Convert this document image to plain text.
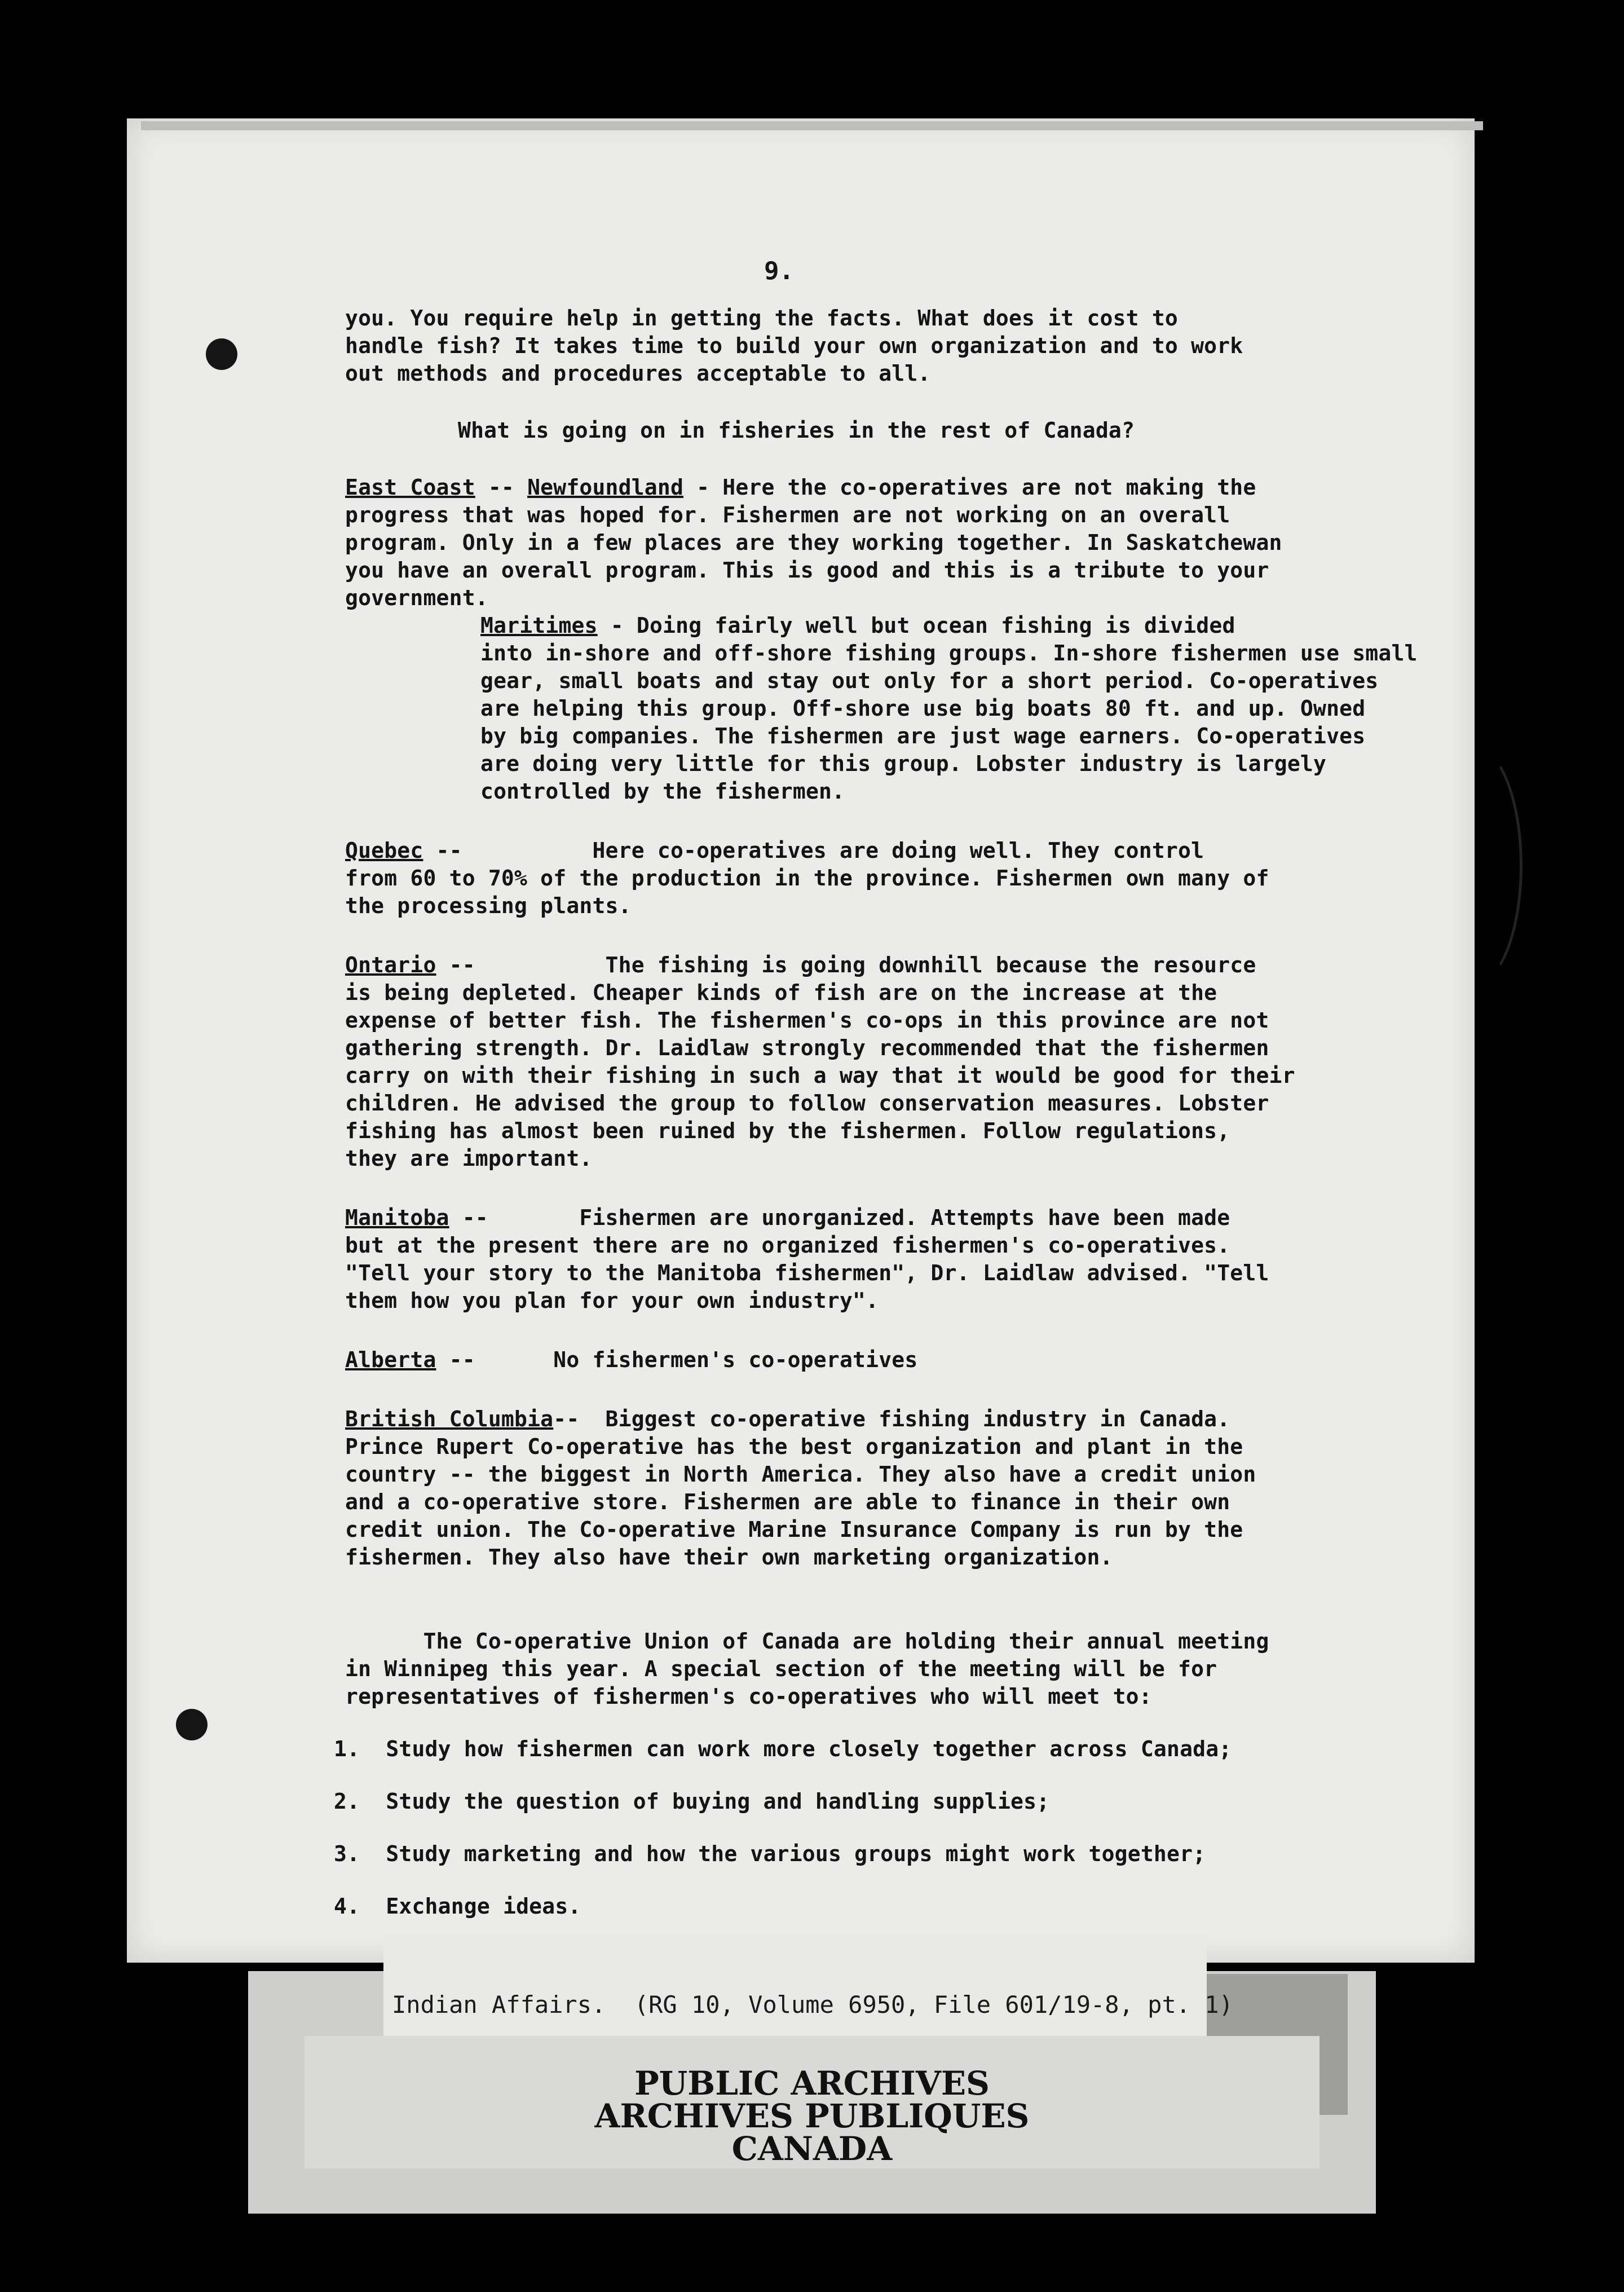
9.
you. You require help in getting the facts. What does it cost to
handle fish? It takes time to build your own organization and to work
out methods and procedures acceptable to all.
What is going on in fisheries in the rest of Canada?
East Coast -- Newfoundland - Here the co-operatives are not making the
progress that was hoped for. Fishermen are not working on an overall
program. Only in a few places are they working together. In Saskatchewan
you have an overall program. This is good and this is a tribute to your
government.
Maritimes - Doing fairly well but ocean fishing is divided
into in-shore and off-shore fishing groups. In-shore fishermen use small
gear, small boats and stay out only for a short period. Co-operatives
are helping this group. Off-shore use big boats 80 ft. and up. Owned
by big companies. The fishermen are just wage earners. Co-operatives
are doing very little for this group. Lobster industry is largely
controlled by the fishermen.
Quebec --          Here co-operatives are doing well. They control
from 60 to 70% of the production in the province. Fishermen own many of
the processing plants.
Ontario --          The fishing is going downhill because the resource
is being depleted. Cheaper kinds of fish are on the increase at the
expense of better fish. The fishermen's co-ops in this province are not
gathering strength. Dr. Laidlaw strongly recommended that the fishermen
carry on with their fishing in such a way that it would be good for their
children. He advised the group to follow conservation measures. Lobster
fishing has almost been ruined by the fishermen. Follow regulations,
they are important.
Manitoba --       Fishermen are unorganized. Attempts have been made
but at the present there are no organized fishermen's co-operatives.
"Tell your story to the Manitoba fishermen", Dr. Laidlaw advised. "Tell
them how you plan for your own industry".
Alberta --      No fishermen's co-operatives
British Columbia--  Biggest co-operative fishing industry in Canada.
Prince Rupert Co-operative has the best organization and plant in the
country -- the biggest in North America. They also have a credit union
and a co-operative store. Fishermen are able to finance in their own
credit union. The Co-operative Marine Insurance Company is run by the
fishermen. They also have their own marketing organization.
The Co-operative Union of Canada are holding their annual meeting
in Winnipeg this year. A special section of the meeting will be for
representatives of fishermen's co-operatives who will meet to:
1. Study how fishermen can work more closely together across Canada;
2. Study the question of buying and handling supplies;
3. Study marketing and how the various groups might work together;
4. Exchange ideas.
Indian Affairs.  (RG 10, Volume 6950, File 601/19-8, pt. 1)
PUBLIC ARCHIVES
ARCHIVES PUBLIQUES
CANADA
